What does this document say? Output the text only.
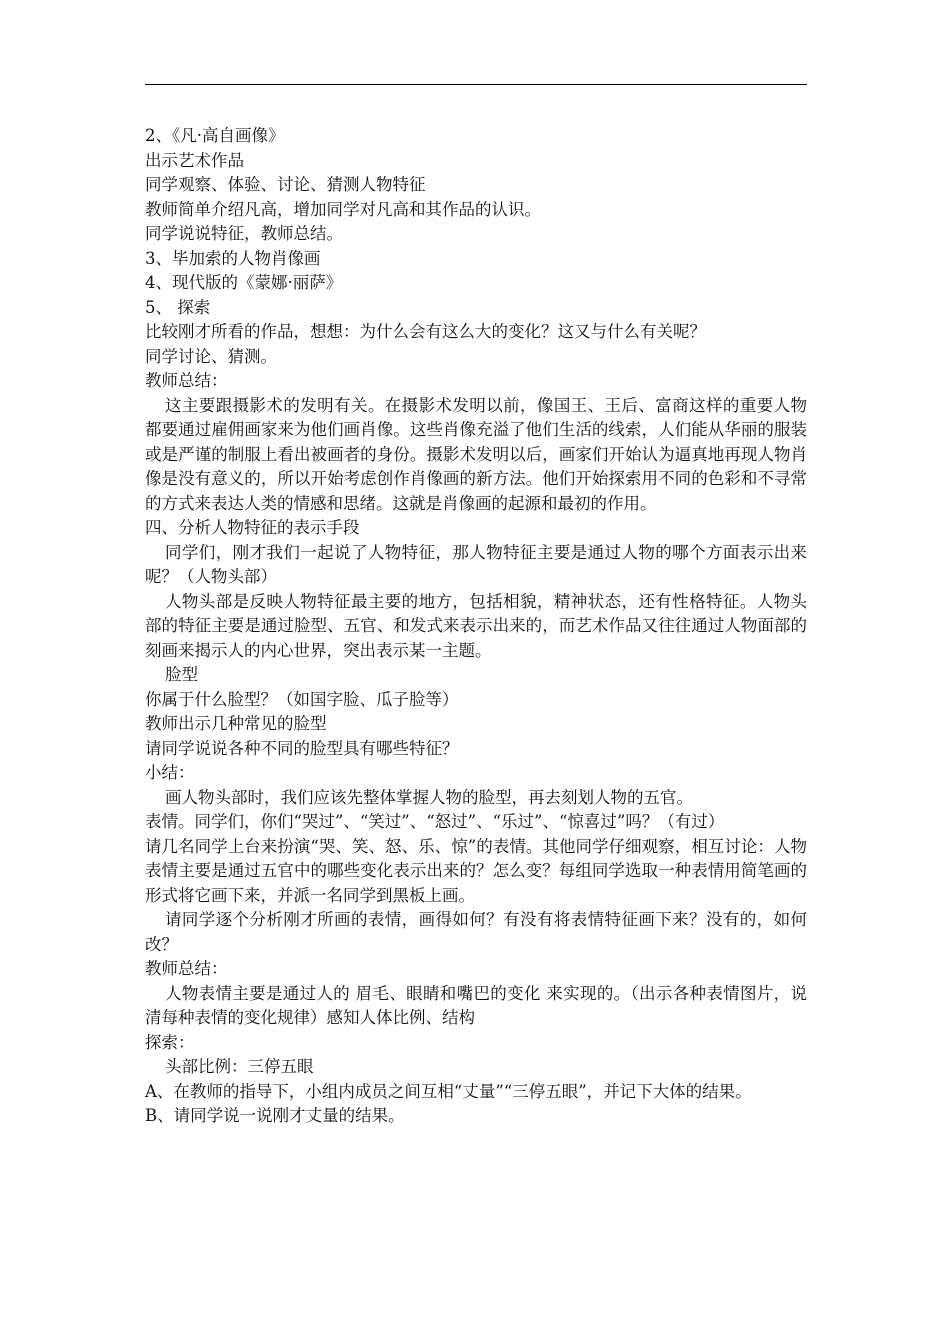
2、《凡·高自画像》

出示艺术作品

同学观察、体验、讨论、猜测人物特征

教师简单介绍凡高，增加同学对凡高和其作品的认识。

同学说说特征，教师总结。

3、毕加索的人物肖像画

4、现代版的《蒙娜·丽萨》

5、 探索

比较刚才所看的作品，想想：为什么会有这么大的变化？这又与什么有关呢？

同学讨论、猜测。

教师总结：

这主要跟摄影术的发明有关。在摄影术发明以前，像国王、王后、富商这样的重要人物都要通过雇佣画家来为他们画肖像。这些肖像充溢了他们生活的线索，人们能从华丽的服装或是严谨的制服上看出被画者的身份。摄影术发明以后，画家们开始认为逼真地再现人物肖像是没有意义的，所以开始考虑创作肖像画的新方法。他们开始探索用不同的色彩和不寻常的方式来表达人类的情感和思绪。这就是肖像画的起源和最初的作用。

四、分析人物特征的表示手段

同学们，刚才我们一起说了人物特征，那人物特征主要是通过人物的哪个方面表示出来呢？（人物头部）

人物头部是反映人物特征最主要的地方，包括相貌，精神状态，还有性格特征。人物头部的特征主要是通过脸型、五官、和发式来表示出来的，而艺术作品又往往通过人物面部的刻画来揭示人的内心世界，突出表示某一主题。

脸型

你属于什么脸型？（如国字脸、瓜子脸等）

教师出示几种常见的脸型

请同学说说各种不同的脸型具有哪些特征？

小结：

画人物头部时，我们应该先整体掌握人物的脸型，再去刻划人物的五官。

表情。同学们，你们“哭过”、“笑过”、“怒过”、“乐过”、“惊喜过”吗？（有过）

请几名同学上台来扮演“哭、笑、怒、乐、惊”的表情。其他同学仔细观察，相互讨论：人物表情主要是通过五官中的哪些变化表示出来的？怎么变？每组同学选取一种表情用简笔画的形式将它画下来，并派一名同学到黑板上画。

请同学逐个分析刚才所画的表情，画得如何？有没有将表情特征画下来？没有的，如何改？

教师总结：

人物表情主要是通过人的 眉毛、眼睛和嘴巴的变化 来实现的。（出示各种表情图片，说清每种表情的变化规律）感知人体比例、结构

探索：

头部比例：三停五眼

A、在教师的指导下，小组内成员之间互相“丈量”“三停五眼”，并记下大体的结果。

B、请同学说一说刚才丈量的结果。
